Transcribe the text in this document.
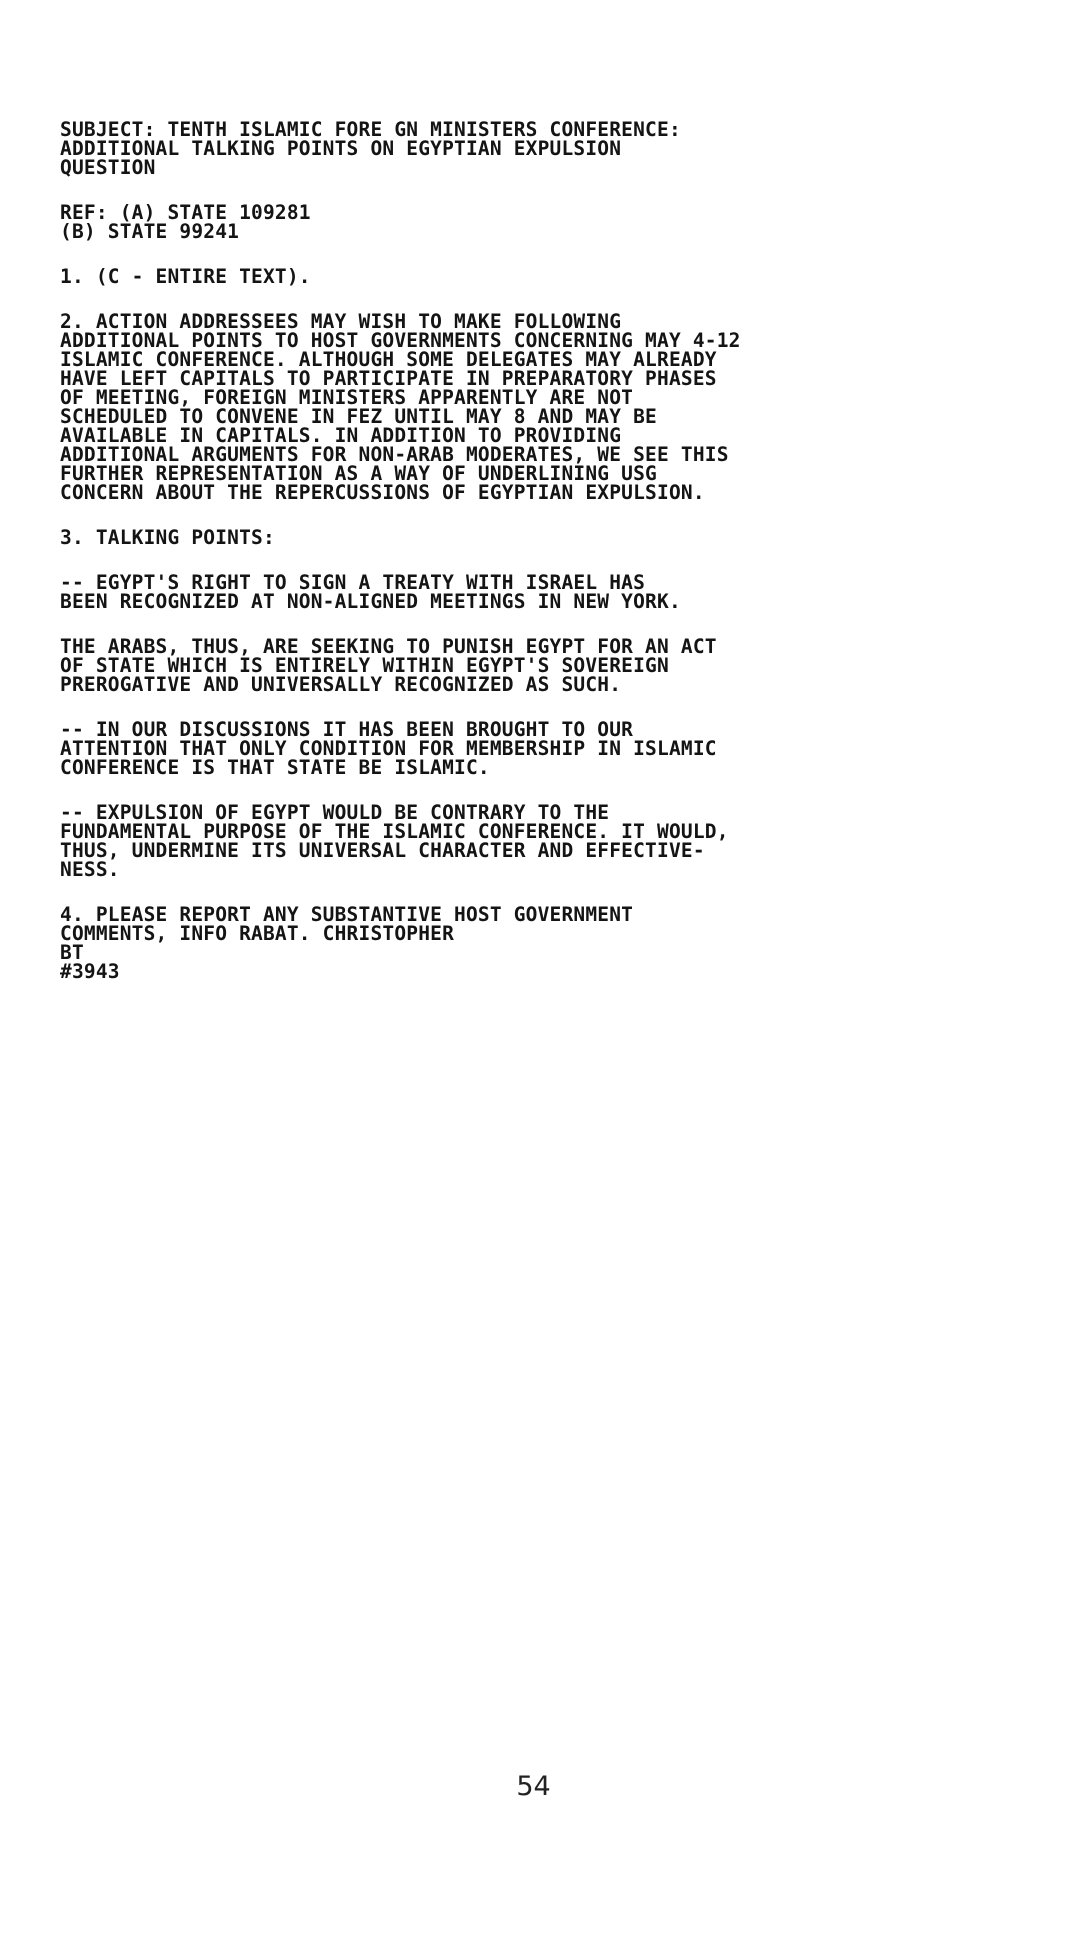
SUBJECT: TENTH ISLAMIC FORE GN MINISTERS CONFERENCE:
ADDITIONAL TALKING POINTS ON EGYPTIAN EXPULSION
QUESTION
REF: (A) STATE 109281
(B) STATE 99241
1. (C - ENTIRE TEXT).
2. ACTION ADDRESSEES MAY WISH TO MAKE FOLLOWING
ADDITIONAL POINTS TO HOST GOVERNMENTS CONCERNING MAY 4-12
ISLAMIC CONFERENCE. ALTHOUGH SOME DELEGATES MAY ALREADY
HAVE LEFT CAPITALS TO PARTICIPATE IN PREPARATORY PHASES
OF MEETING, FOREIGN MINISTERS APPARENTLY ARE NOT
SCHEDULED TO CONVENE IN FEZ UNTIL MAY 8 AND MAY BE
AVAILABLE IN CAPITALS. IN ADDITION TO PROVIDING
ADDITIONAL ARGUMENTS FOR NON-ARAB MODERATES, WE SEE THIS
FURTHER REPRESENTATION AS A WAY OF UNDERLINING USG
CONCERN ABOUT THE REPERCUSSIONS OF EGYPTIAN EXPULSION.
3. TALKING POINTS:
-- EGYPT'S RIGHT TO SIGN A TREATY WITH ISRAEL HAS
BEEN RECOGNIZED AT NON-ALIGNED MEETINGS IN NEW YORK.
THE ARABS, THUS, ARE SEEKING TO PUNISH EGYPT FOR AN ACT
OF STATE WHICH IS ENTIRELY WITHIN EGYPT'S SOVEREIGN
PREROGATIVE AND UNIVERSALLY RECOGNIZED AS SUCH.
-- IN OUR DISCUSSIONS IT HAS BEEN BROUGHT TO OUR
ATTENTION THAT ONLY CONDITION FOR MEMBERSHIP IN ISLAMIC
CONFERENCE IS THAT STATE BE ISLAMIC.
-- EXPULSION OF EGYPT WOULD BE CONTRARY TO THE
FUNDAMENTAL PURPOSE OF THE ISLAMIC CONFERENCE. IT WOULD,
THUS, UNDERMINE ITS UNIVERSAL CHARACTER AND EFFECTIVE-
NESS.
4. PLEASE REPORT ANY SUBSTANTIVE HOST GOVERNMENT
COMMENTS, INFO RABAT. CHRISTOPHER
BT
#3943
54
